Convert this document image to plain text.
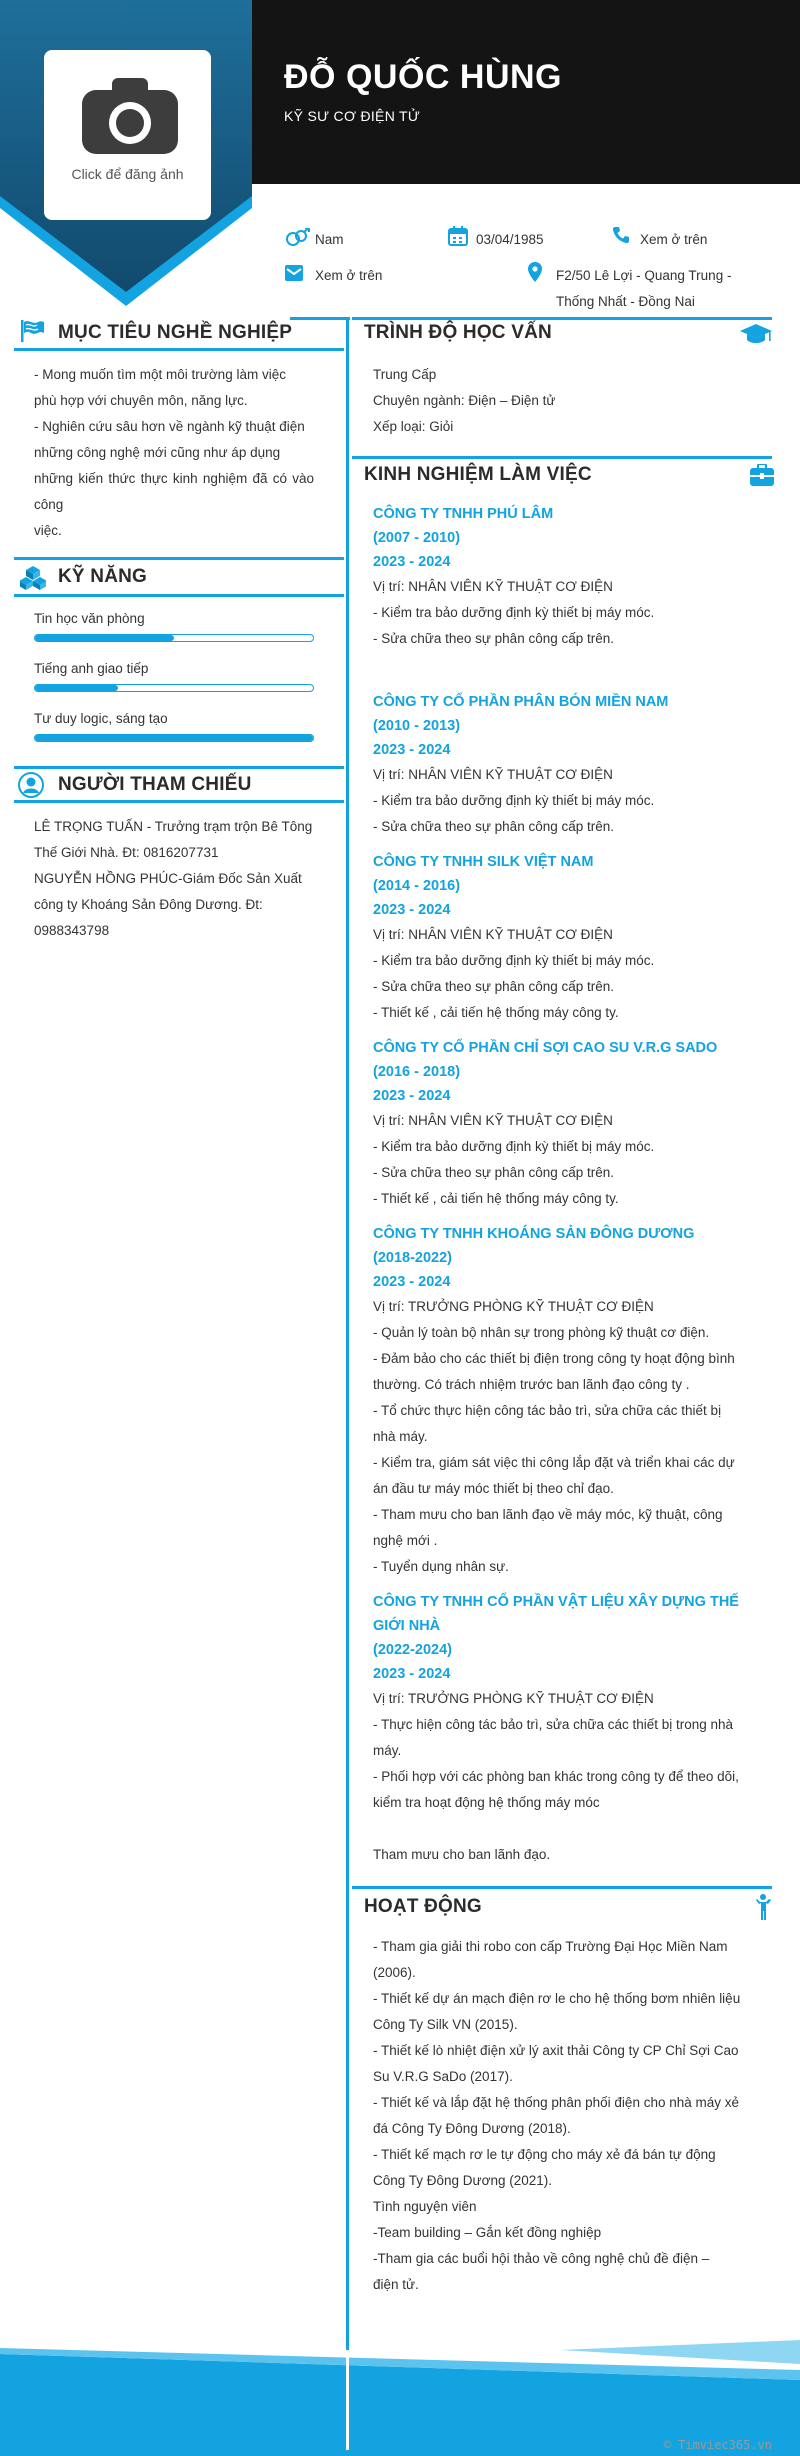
Click để đăng ảnh
ĐỖ QUỐC HÙNG
KỸ SƯ CƠ ĐIỆN TỬ
Nam	03/04/1985	Xem ở trên
Xem ở trên	F2/50 Lê Lợi - Quang Trung -
Thống Nhất - Đồng Nai
MỤC TIÊU NGHỀ NGHIỆP
- Mong muốn tìm một môi trường làm việc
phù hợp với chuyên môn, năng lực.
- Nghiên cứu sâu hơn về ngành kỹ thuật điện
những công nghệ mới cũng như áp dụng
những kiến thức thực kinh nghiệm đã có vào công
việc.
KỸ NĂNG
Tin học văn phòng
Tiếng anh giao tiếp
Tư duy logic, sáng tạo
NGƯỜI THAM CHIẾU
LÊ TRỌNG TUẤN - Trưởng trạm trộn Bê Tông
Thế Giới Nhà. Đt: 0816207731
NGUYỄN HỒNG PHÚC-Giám Đốc Sản Xuất
công ty Khoáng Sản Đông Dương. Đt:
0988343798
TRÌNH ĐỘ HỌC VẤN
Trung Cấp
Chuyên ngành: Điện – Điện tử
Xếp loại: Giỏi
KINH NGHIỆM LÀM VIỆC
CÔNG TY TNHH PHÚ LÂM
(2007 - 2010)
2023 - 2024
Vị trí: NHÂN VIÊN KỸ THUẬT CƠ ĐIỆN
- Kiểm tra bảo dưỡng định kỳ thiết bị máy móc.
- Sửa chữa theo sự phân công cấp trên.
CÔNG TY CỔ PHẦN PHÂN BÓN MIỀN NAM
(2010 - 2013)
2023 - 2024
Vị trí: NHÂN VIÊN KỸ THUẬT CƠ ĐIỆN
- Kiểm tra bảo dưỡng định kỳ thiết bị máy móc.
- Sửa chữa theo sự phân công cấp trên.
CÔNG TY TNHH SILK VIỆT NAM
(2014 - 2016)
2023 - 2024
Vị trí: NHÂN VIÊN KỸ THUẬT CƠ ĐIỆN
- Kiểm tra bảo dưỡng định kỳ thiết bị máy móc.
- Sửa chữa theo sự phân công cấp trên.
- Thiết kế , cải tiến hệ thống máy công ty.
CÔNG TY CỔ PHẦN CHỈ SỢI CAO SU V.R.G SADO
(2016 - 2018)
2023 - 2024
Vị trí: NHÂN VIÊN KỸ THUẬT CƠ ĐIỆN
- Kiểm tra bảo dưỡng định kỳ thiết bị máy móc.
- Sửa chữa theo sự phân công cấp trên.
- Thiết kế , cải tiến hệ thống máy công ty.
CÔNG TY TNHH KHOÁNG SẢN ĐÔNG DƯƠNG
(2018-2022)
2023 - 2024
Vị trí: TRƯỞNG PHÒNG KỸ THUẬT CƠ ĐIỆN
- Quản lý toàn bộ nhân sự trong phòng kỹ thuật cơ điện.
- Đảm bảo cho các thiết bị điện trong công ty hoạt động bình
thường. Có trách nhiệm trước ban lãnh đạo công ty .
- Tổ chức thực hiện công tác bảo trì, sửa chữa các thiết bị
nhà máy.
- Kiểm tra, giám sát việc thi công lắp đặt và triển khai các dự
án đầu tư máy móc thiết bị theo chỉ đạo.
- Tham mưu cho ban lãnh đạo về máy móc, kỹ thuật, công
nghệ mới .
- Tuyển dụng nhân sự.
CÔNG TY TNHH CỔ PHẦN VẬT LIỆU XÂY DỰNG THẾ
GIỚI NHÀ
(2022-2024)
2023 - 2024
Vị trí: TRƯỞNG PHÒNG KỸ THUẬT CƠ ĐIỆN
- Thực hiện công tác bảo trì, sửa chữa các thiết bị trong nhà
máy.
- Phối hợp với các phòng ban khác trong công ty để theo dõi,
kiểm tra hoạt động hệ thống máy móc
Tham mưu cho ban lãnh đạo.
HOẠT ĐỘNG
- Tham gia giải thi robo con cấp Trường Đại Học Miền Nam
(2006).
- Thiết kế dự án mạch điện rơ le cho hệ thống bơm nhiên liệu
Công Ty Silk VN (2015).
- Thiết kế lò nhiệt điện xử lý axit thải Công ty CP Chỉ Sợi Cao
Su V.R.G SaDo (2017).
- Thiết kế và lắp đặt hệ thống phân phối điện cho nhà máy xẻ
đá Công Ty Đông Dương (2018).
- Thiết kế mạch rơ le tự động cho máy xẻ đá bán tự động
Công Ty Đông Dương (2021).
Tình nguyện viên
-Team building – Gắn kết đồng nghiệp
-Tham gia các buổi hội thảo về công nghệ chủ đề điện –
điện tử.
© Timviec365.vn
